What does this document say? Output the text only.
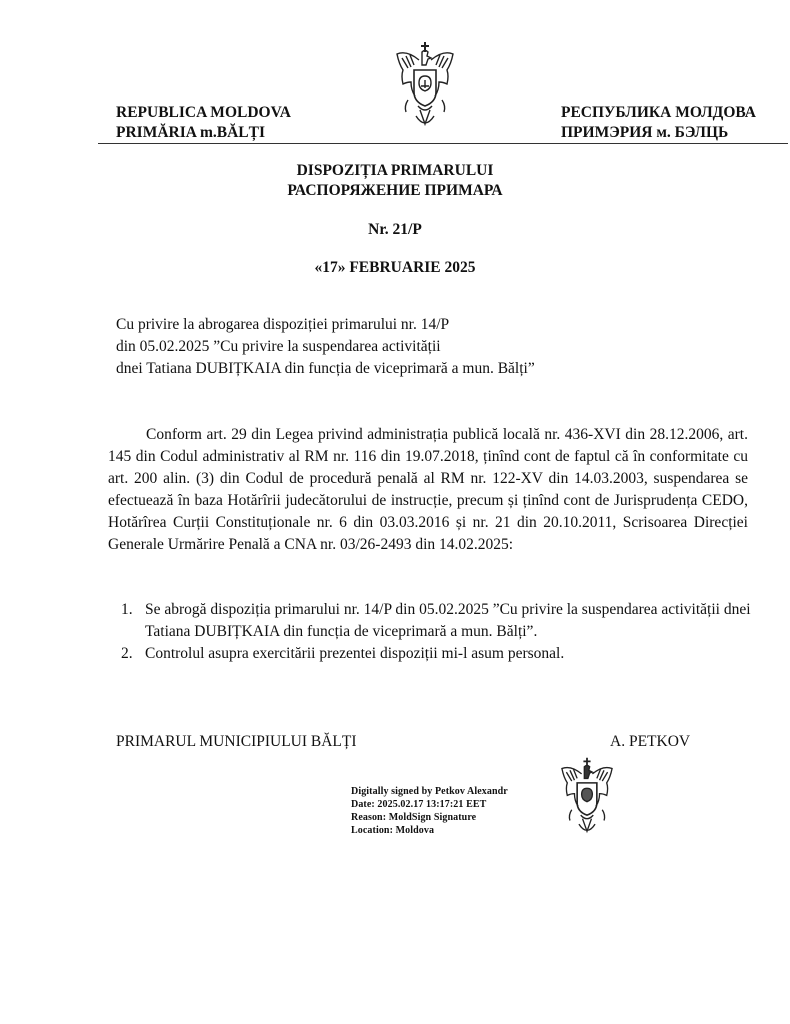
REPUBLICA MOLDOVA
PRIMĂRIA m.BĂLȚI
РЕСПУБЛИКА МОЛДОВА
ПРИМЭРИЯ м. БЭЛЦЬ
DISPOZIȚIA PRIMARULUI
РАСПОРЯЖЕНИЕ ПРИМАРА
Nr. 21/P
«17» FEBRUARIE 2025
Cu privire la abrogarea dispoziției primarului nr. 14/P
din 05.02.2025 ”Cu privire la suspendarea activității
dnei Tatiana DUBIȚKAIA din funcția de viceprimară a mun. Bălți”

Conform art. 29 din Legea privind administrația publică locală nr. 436-XVI din 28.12.2006, art. 145 din Codul administrativ al RM nr. 116 din 19.07.2018, ținînd cont de faptul că în conformitate cu art. 200 alin. (3) din Codul de procedură penală al RM nr. 122-XV din 14.03.2003, suspendarea se efectuează în baza Hotărîrii judecătorului de instrucție, precum și ținînd cont de Jurisprudența CEDO, Hotărîrea Curții Constituționale nr. 6 din 03.03.2016 și nr. 21 din 20.10.2011, Scrisoarea Direcției Generale Urmărire Penală a CNA nr. 03/26-2493 din 14.02.2025:

1. Se abrogă dispoziția primarului nr. 14/P din 05.02.2025 ”Cu privire la suspendarea activității dnei Tatiana DUBIȚKAIA din funcția de viceprimară a mun. Bălți”.
2. Controlul asupra exercitării prezentei dispoziții mi-l asum personal.
PRIMARUL MUNICIPIULUI BĂLȚI	A. PETKOV
Digitally signed by Petkov Alexandr
Date: 2025.02.17 13:17:21 EET
Reason: MoldSign Signature
Location: Moldova
